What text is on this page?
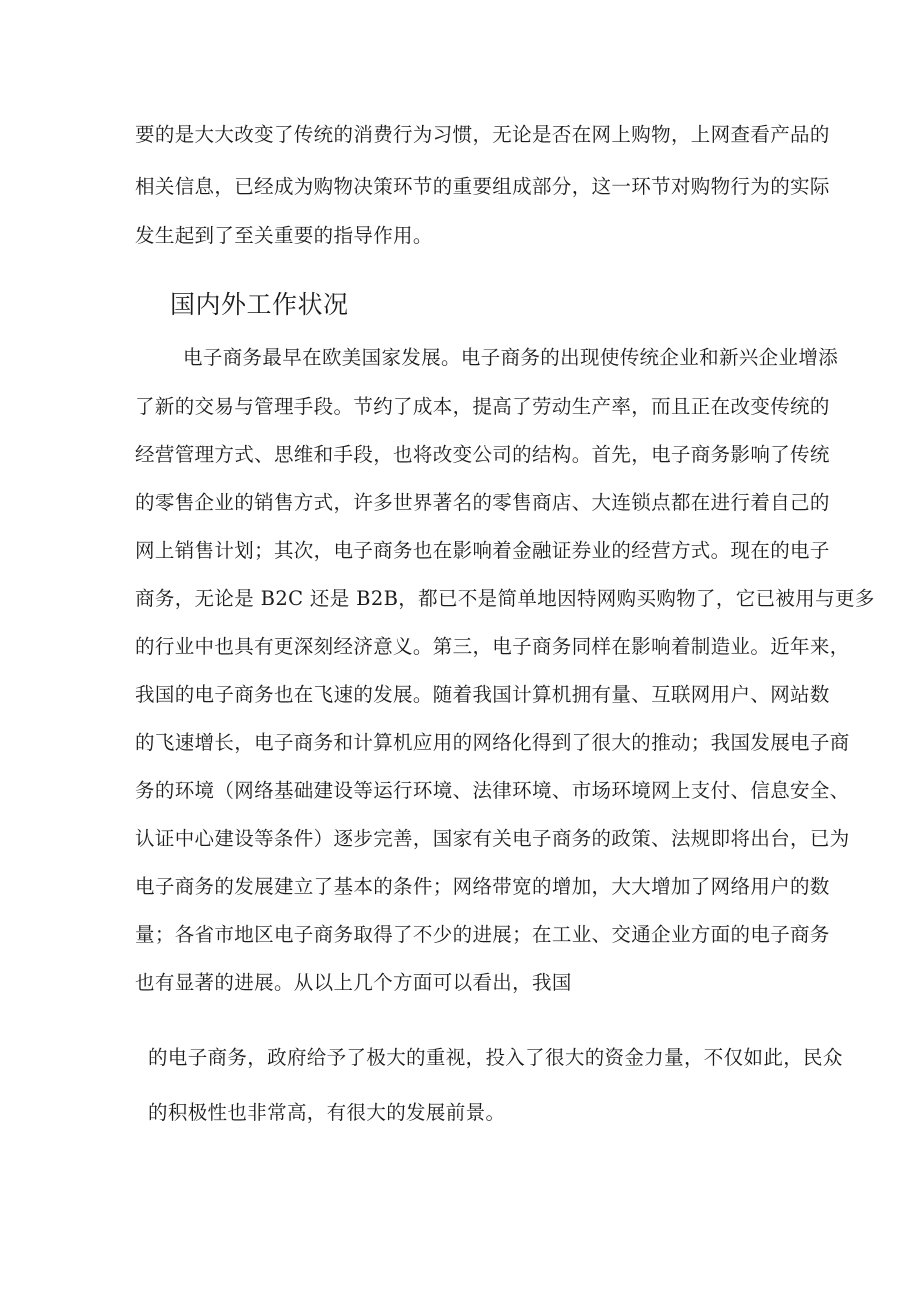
要的是大大改变了传统的消费行为习惯，无论是否在网上购物，上网查看产品的
相关信息，已经成为购物决策环节的重要组成部分，这一环节对购物行为的实际
发生起到了至关重要的指导作用。
国内外工作状况
电子商务最早在欧美国家发展。电子商务的出现使传统企业和新兴企业增添
了新的交易与管理手段。节约了成本，提高了劳动生产率，而且正在改变传统的
经营管理方式、思维和手段，也将改变公司的结构。首先，电子商务影响了传统
的零售企业的销售方式，许多世界著名的零售商店、大连锁点都在进行着自己的
网上销售计划；其次，电子商务也在影响着金融证券业的经营方式。现在的电子
商务，无论是 B2C 还是 B2B，都已不是简单地因特网购买购物了，它已被用与更多
的行业中也具有更深刻经济意义。第三，电子商务同样在影响着制造业。近年来，
我国的电子商务也在飞速的发展。随着我国计算机拥有量、互联网用户、网站数
的飞速增长，电子商务和计算机应用的网络化得到了很大的推动；我国发展电子商
务的环境（网络基础建设等运行环境、法律环境、市场环境网上支付、信息安全、
认证中心建设等条件）逐步完善，国家有关电子商务的政策、法规即将出台，已为
电子商务的发展建立了基本的条件；网络带宽的增加，大大增加了网络用户的数
量；各省市地区电子商务取得了不少的进展；在工业、交通企业方面的电子商务
也有显著的进展。从以上几个方面可以看出，我国
的电子商务，政府给予了极大的重视，投入了很大的资金力量，不仅如此，民众
的积极性也非常高，有很大的发展前景。
